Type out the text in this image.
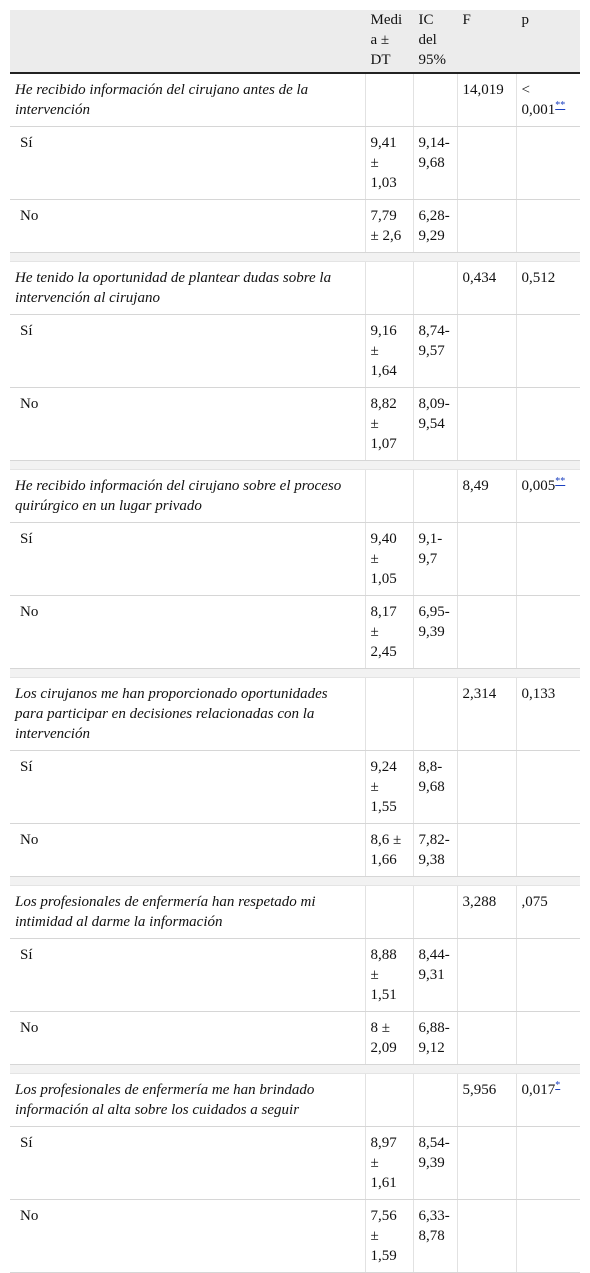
	Media ± DT	IC del 95%	F	p
He recibido información del cirujano antes de la intervención			14,019	< 0,001**
Sí	9,41 ± 1,03	9,14-9,68		
No	7,79 ± 2,6	6,28-9,29		

He tenido la oportunidad de plantear dudas sobre la intervención al cirujano			0,434	0,512
Sí	9,16 ± 1,64	8,74-9,57		
No	8,82 ± 1,07	8,09-9,54		

He recibido información del cirujano sobre el proceso quirúrgico en un lugar privado			8,49	0,005**
Sí	9,40 ± 1,05	9,1-9,7		
No	8,17 ± 2,45	6,95-9,39		

Los cirujanos me han proporcionado oportunidades para participar en decisiones relacionadas con la intervención			2,314	0,133
Sí	9,24 ± 1,55	8,8-9,68		
No	8,6 ± 1,66	7,82-9,38		

Los profesionales de enfermería han respetado mi intimidad al darme la información			3,288	,075
Sí	8,88 ± 1,51	8,44-9,31		
No	8 ± 2,09	6,88-9,12		

Los profesionales de enfermería me han brindado información al alta sobre los cuidados a seguir			5,956	0,017*
Sí	8,97 ± 1,61	8,54-9,39		
No	7,56 ± 1,59	6,33-8,78		
